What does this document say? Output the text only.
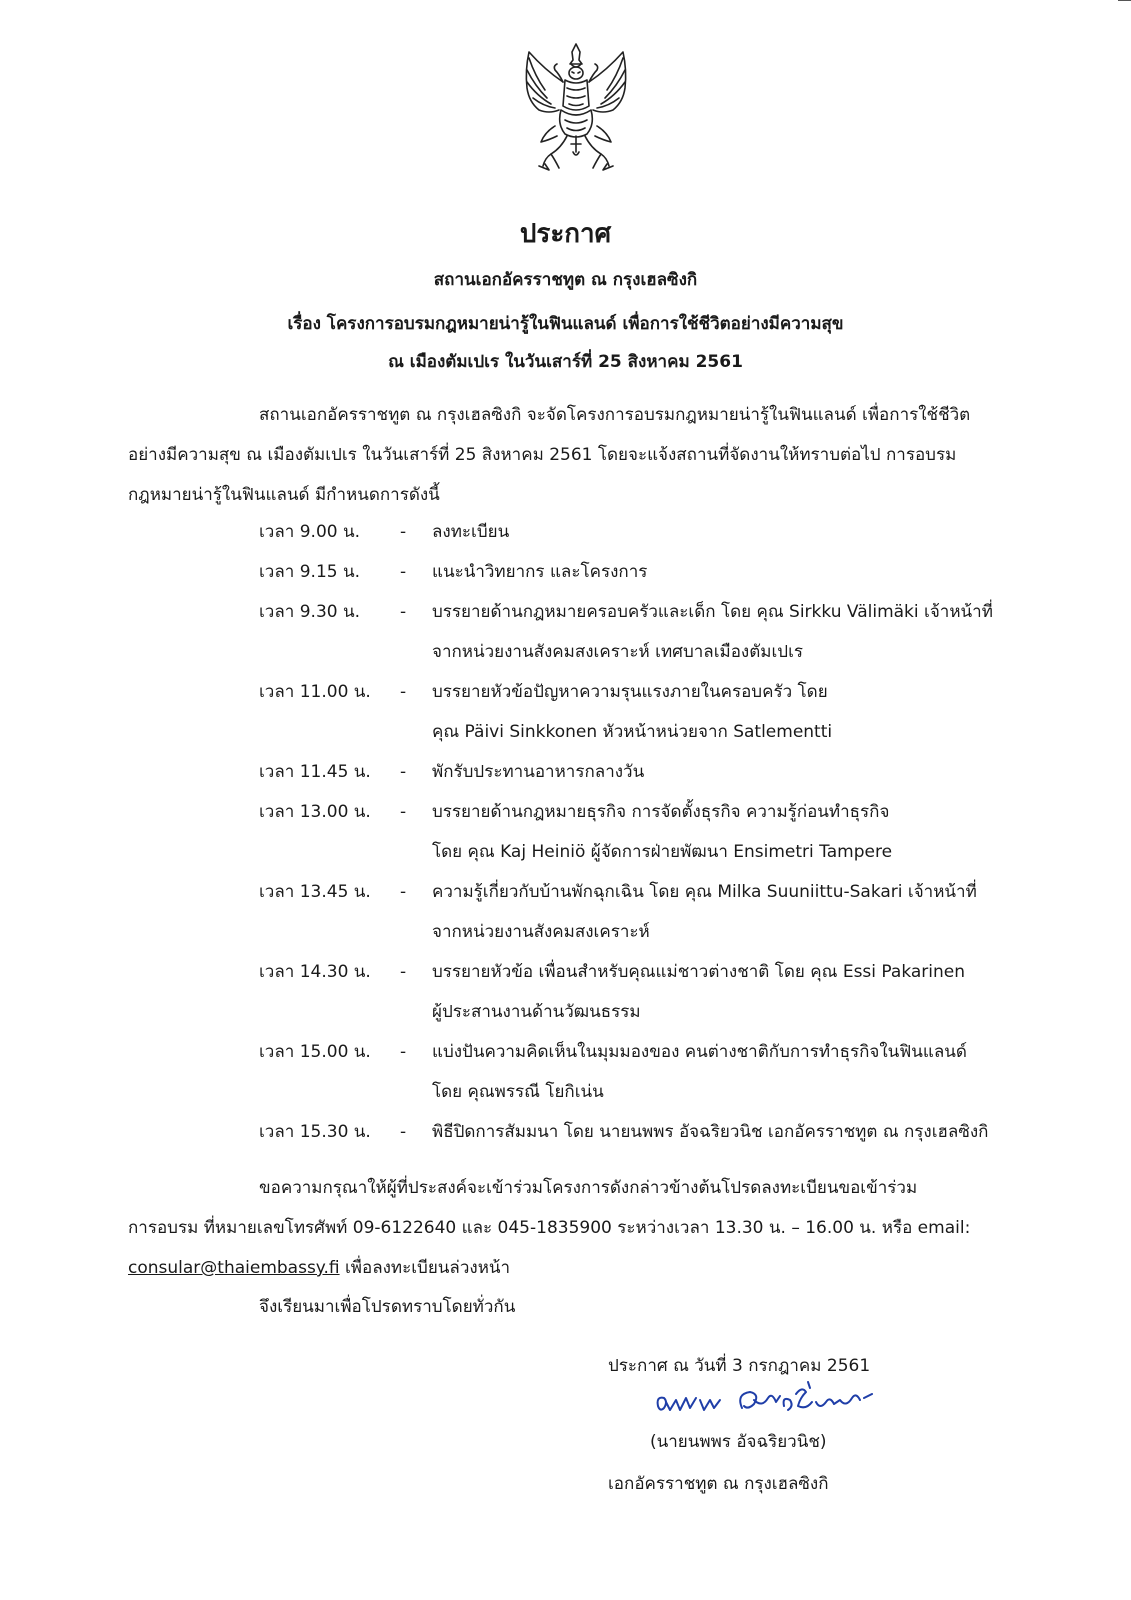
ประกาศ
สถานเอกอัครราชทูต ณ กรุงเฮลซิงกิ
เรื่อง โครงการอบรมกฎหมายน่ารู้ในฟินแลนด์ เพื่อการใช้ชีวิตอย่างมีความสุข
ณ เมืองตัมเปเร ในวันเสาร์ที่ 25 สิงหาคม 2561
สถานเอกอัครราชทูต ณ กรุงเฮลซิงกิ จะจัดโครงการอบรมกฎหมายน่ารู้ในฟินแลนด์ เพื่อการใช้ชีวิต
อย่างมีความสุข ณ เมืองตัมเปเร ในวันเสาร์ที่ 25 สิงหาคม 2561 โดยจะแจ้งสถานที่จัดงานให้ทราบต่อไป การอบรม
กฎหมายน่ารู้ในฟินแลนด์ มีกำหนดการดังนี้
เวลา 9.00 น.	-	ลงทะเบียน
เวลา 9.15 น.	-	แนะนำวิทยากร และโครงการ
เวลา 9.30 น.	-	บรรยายด้านกฎหมายครอบครัวและเด็ก โดย คุณ Sirkku Välimäki เจ้าหน้าที่
จากหน่วยงานสังคมสงเคราะห์ เทศบาลเมืองตัมเปเร
เวลา 11.00 น.	-	บรรยายหัวข้อปัญหาความรุนแรงภายในครอบครัว โดย
คุณ Päivi Sinkkonen หัวหน้าหน่วยจาก Satlementti
เวลา 11.45 น.	-	พักรับประทานอาหารกลางวัน
เวลา 13.00 น.	-	บรรยายด้านกฎหมายธุรกิจ การจัดตั้งธุรกิจ ความรู้ก่อนทำธุรกิจ
โดย คุณ Kaj Heiniö ผู้จัดการฝ่ายพัฒนา Ensimetri Tampere
เวลา 13.45 น.	-	ความรู้เกี่ยวกับบ้านพักฉุกเฉิน โดย คุณ Milka Suuniittu-Sakari เจ้าหน้าที่
จากหน่วยงานสังคมสงเคราะห์
เวลา 14.30 น.	-	บรรยายหัวข้อ เพื่อนสำหรับคุณแม่ชาวต่างชาติ โดย คุณ Essi Pakarinen
ผู้ประสานงานด้านวัฒนธรรม
เวลา 15.00 น.	-	แบ่งปันความคิดเห็นในมุมมองของ คนต่างชาติกับการทำธุรกิจในฟินแลนด์
โดย คุณพรรณี โยกิเน่น
เวลา 15.30 น.	-	พิธีปิดการสัมมนา โดย นายนพพร อัจฉริยวนิช เอกอัครราชทูต ณ กรุงเฮลซิงกิ
ขอความกรุณาให้ผู้ที่ประสงค์จะเข้าร่วมโครงการดังกล่าวข้างต้นโปรดลงทะเบียนขอเข้าร่วม
การอบรม ที่หมายเลขโทรศัพท์ 09-6122640 และ 045-1835900 ระหว่างเวลา 13.30 น. – 16.00 น. หรือ email:
consular@thaiembassy.fi เพื่อลงทะเบียนล่วงหน้า
จึงเรียนมาเพื่อโปรดทราบโดยทั่วกัน
ประกาศ ณ วันที่ 3 กรกฎาคม 2561
(นายนพพร อัจฉริยวนิช)
เอกอัครราชทูต ณ กรุงเฮลซิงกิ
